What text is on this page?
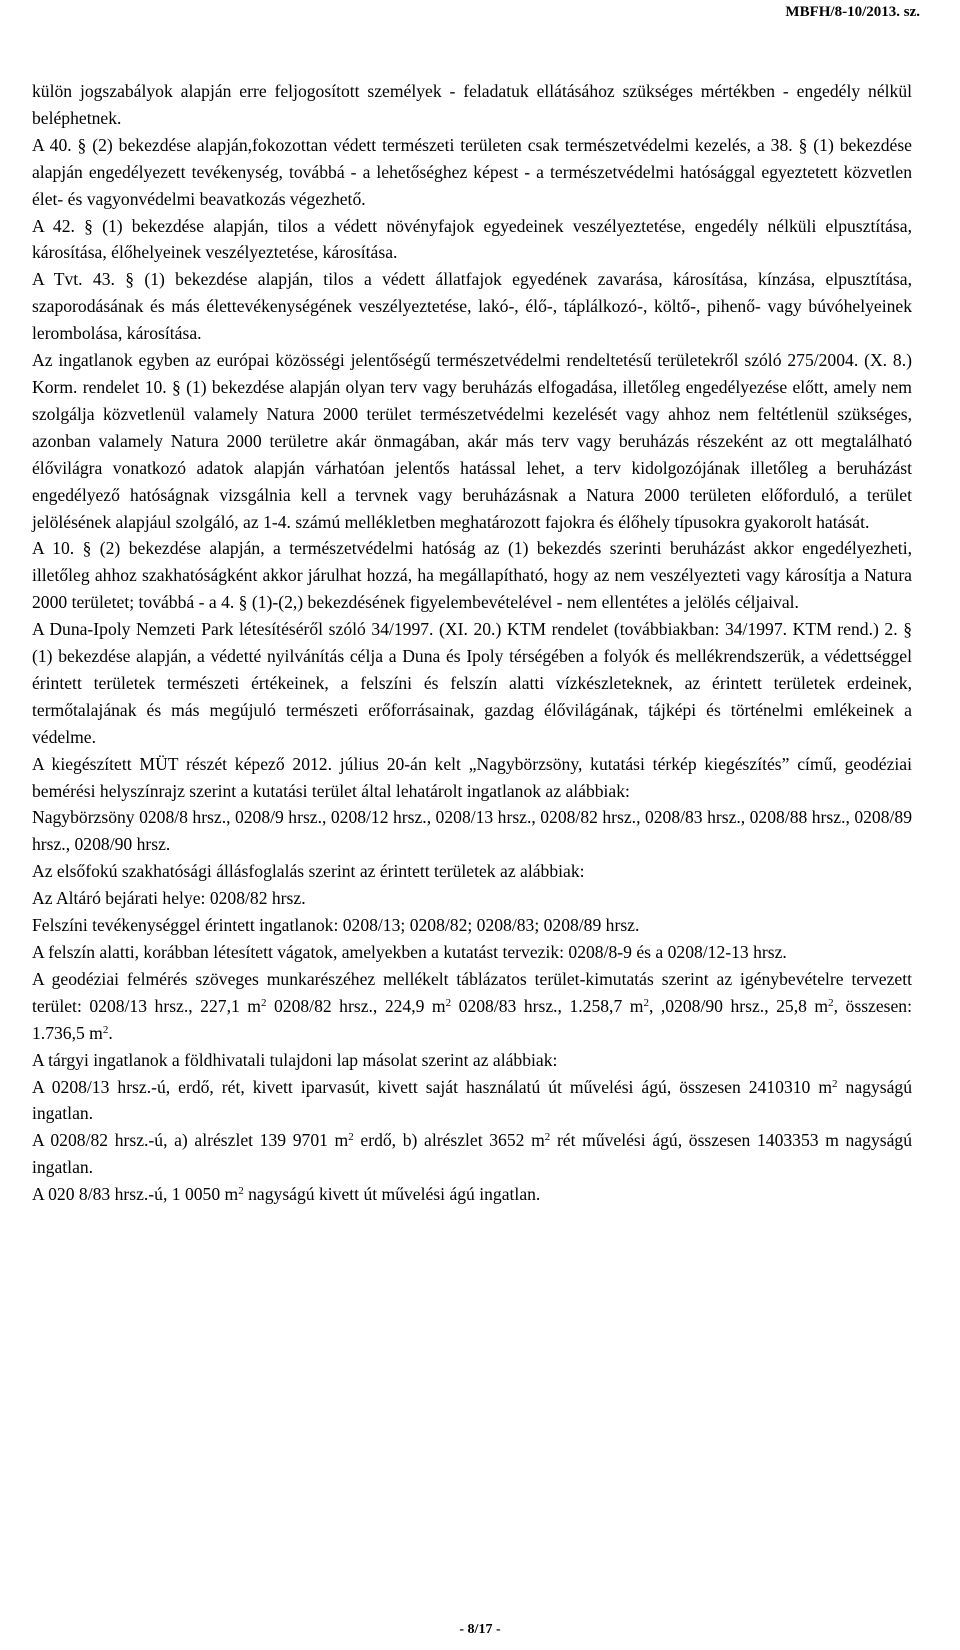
MBFH/8-10/2013. sz.

külön jogszabályok alapján erre feljogosított személyek - feladatuk ellátásához szükséges mértékben - engedély nélkül beléphetnek.

A 40. § (2) bekezdése alapján,fokozottan védett természeti területen csak természetvédelmi kezelés, a 38. § (1) bekezdése alapján engedélyezett tevékenység, továbbá - a lehetőséghez képest - a természetvédelmi hatósággal egyeztetett közvetlen élet- és vagyonvédelmi beavatkozás végezhető.

A 42. § (1) bekezdése alapján, tilos a védett növényfajok egyedeinek veszélyeztetése, engedély nélküli elpusztítása, károsítása, élőhelyeinek veszélyeztetése, károsítása.

A Tvt. 43. § (1) bekezdése alapján, tilos a védett állatfajok egyedének zavarása, károsítása, kínzása, elpusztítása, szaporodásának és más élettevékenységének veszélyeztetése, lakó-, élő-, táplálkozó-, költő-, pihenő- vagy búvóhelyeinek lerombolása, károsítása.

Az ingatlanok egyben az európai közösségi jelentőségű természetvédelmi rendeltetésű területekről szóló 275/2004. (X. 8.) Korm. rendelet 10. § (1) bekezdése alapján olyan terv vagy beruházás elfogadása, illetőleg engedélyezése előtt, amely nem szolgálja közvetlenül valamely Natura 2000 terület természetvédelmi kezelését vagy ahhoz nem feltétlenül szükséges, azonban valamely Natura 2000 területre akár önmagában, akár más terv vagy beruházás részeként az ott megtalálható élővilágra vonatkozó adatok alapján várhatóan jelentős hatással lehet, a terv kidolgozójának illetőleg a beruházást engedélyező hatóságnak vizsgálnia kell a tervnek vagy beruházásnak a Natura 2000 területen előforduló, a terület jelölésének alapjául szolgáló, az 1-4. számú mellékletben meghatározott fajokra és élőhely típusokra gyakorolt hatását.

A 10. § (2) bekezdése alapján, a természetvédelmi hatóság az (1) bekezdés szerinti beruházást akkor engedélyezheti, illetőleg ahhoz szakhatóságként akkor járulhat hozzá, ha megállapítható, hogy az nem veszélyezteti vagy károsítja a Natura 2000 területet; továbbá - a 4. § (1)-(2,) bekezdésének figyelembevételével - nem ellentétes a jelölés céljaival.

A Duna-Ipoly Nemzeti Park létesítéséről szóló 34/1997. (XI. 20.) KTM rendelet (továbbiakban: 34/1997. KTM rend.) 2. § (1) bekezdése alapján, a védetté nyilvánítás célja a Duna és Ipoly térségében a folyók és mellékrendszerük, a védettséggel érintett területek természeti értékeinek, a felszíni és felszín alatti vízkészleteknek, az érintett területek erdeinek, termőtalajának és más megújuló természeti erőforrásainak, gazdag élővilágának, tájképi és történelmi emlékeinek a védelme.

A kiegészített MÜT részét képező 2012. július 20-án kelt „Nagybörzsöny, kutatási térkép kiegészítés” című, geodéziai bemérési helyszínrajz szerint a kutatási terület által lehatárolt ingatlanok az alábbiak:

Nagybörzsöny 0208/8 hrsz., 0208/9 hrsz., 0208/12 hrsz., 0208/13 hrsz., 0208/82 hrsz., 0208/83 hrsz., 0208/88 hrsz., 0208/89 hrsz., 0208/90 hrsz.

Az elsőfokú szakhatósági állásfoglalás szerint az érintett területek az alábbiak:

Az Altáró bejárati helye: 0208/82 hrsz.

Felszíni tevékenységgel érintett ingatlanok: 0208/13; 0208/82; 0208/83; 0208/89 hrsz.

A felszín alatti, korábban létesített vágatok, amelyekben a kutatást tervezik: 0208/8-9 és a 0208/12-13 hrsz.

A geodéziai felmérés szöveges munkarészéhez mellékelt táblázatos terület-kimutatás szerint az igénybevételre tervezett terület: 0208/13 hrsz., 227,1 $m^2$ 0208/82 hrsz., 224,9 $m^2$ 0208/83 hrsz., 1.258,7 $m^2$, ,0208/90 hrsz., 25,8 $m^2$, összesen: 1.736,5 $m^2$.

A tárgyi ingatlanok a földhivatali tulajdoni lap másolat szerint az alábbiak:

A 0208/13 hrsz.-ú, erdő, rét, kivett iparvasút, kivett saját használatú út művelési ágú, összesen 2410310 $m^2$ nagyságú ingatlan.

A 0208/82 hrsz.-ú, a) alrészlet 139 9701 $m^2$ erdő, b) alrészlet 3652 $m^2$ rét művelési ágú, összesen 1403353 m nagyságú ingatlan.

A 020 8/83 hrsz.-ú, 1 0050 $m^2$ nagyságú kivett út művelési ágú ingatlan.

- 8/17 -
